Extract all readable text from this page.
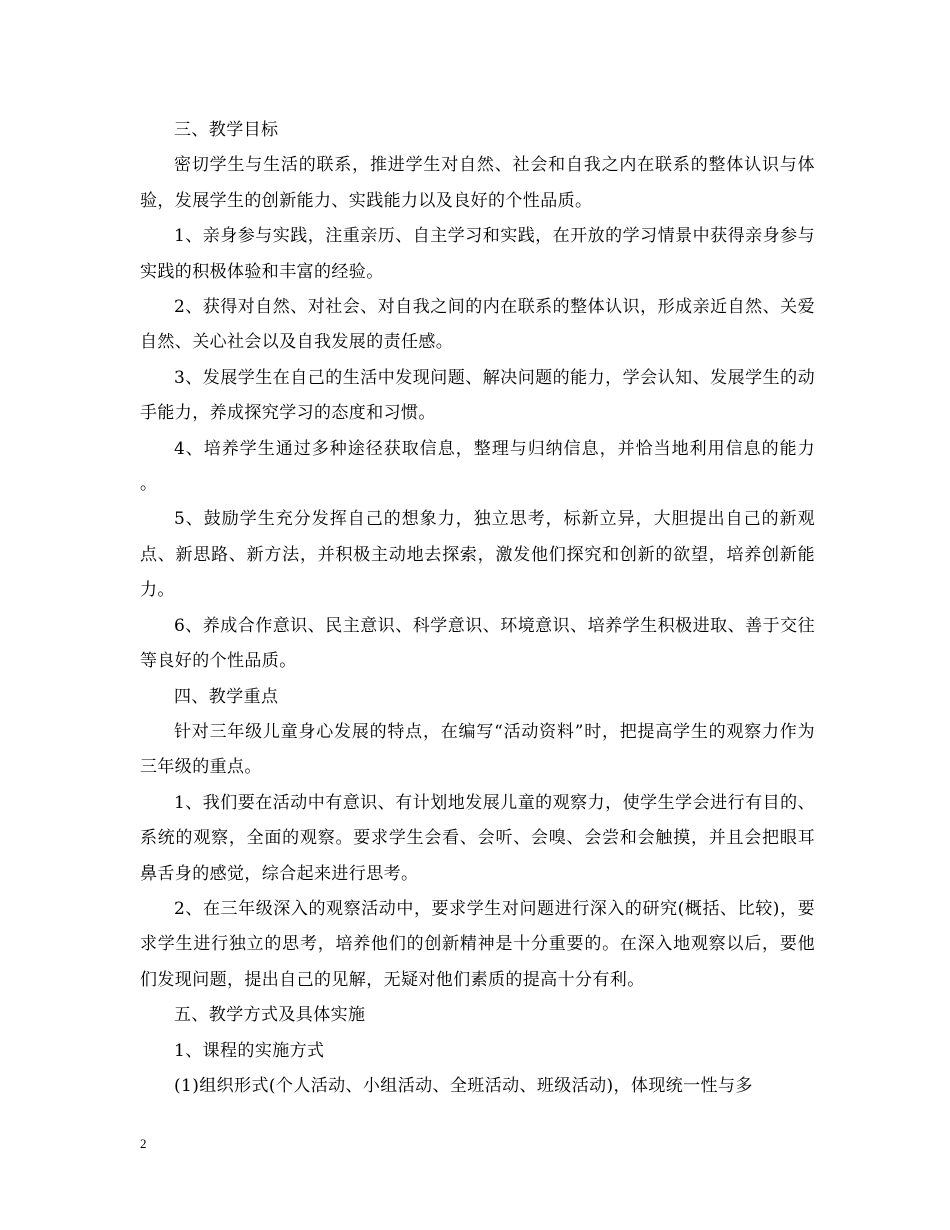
三、教学目标

密切学生与生活的联系，推进学生对自然、社会和自我之内在联系的整体认识与体验，发展学生的创新能力、实践能力以及良好的个性品质。

1、亲身参与实践，注重亲历、自主学习和实践，在开放的学习情景中获得亲身参与实践的积极体验和丰富的经验。

2、获得对自然、对社会、对自我之间的内在联系的整体认识，形成亲近自然、关爱自然、关心社会以及自我发展的责任感。

3、发展学生在自己的生活中发现问题、解决问题的能力，学会认知、发展学生的动手能力，养成探究学习的态度和习惯。

4、培养学生通过多种途径获取信息，整理与归纳信息，并恰当地利用信息的能力 。

5、鼓励学生充分发挥自己的想象力，独立思考，标新立异，大胆提出自己的新观点、新思路、新方法，并积极主动地去探索，激发他们探究和创新的欲望，培养创新能力。

6、养成合作意识、民主意识、科学意识、环境意识、培养学生积极进取、善于交往等良好的个性品质。

四、教学重点

针对三年级儿童身心发展的特点，在编写“活动资料”时，把提高学生的观察力作为三年级的重点。

1、我们要在活动中有意识、有计划地发展儿童的观察力，使学生学会进行有目的、系统的观察，全面的观察。要求学生会看、会听、会嗅、会尝和会触摸，并且会把眼耳鼻舌身的感觉，综合起来进行思考。

2、在三年级深入的观察活动中，要求学生对问题进行深入的研究(概括、比较)，要求学生进行独立的思考，培养他们的创新精神是十分重要的。在深入地观察以后，要他们发现问题，提出自己的见解，无疑对他们素质的提高十分有利。

五、教学方式及具体实施

1、课程的实施方式

(1)组织形式(个人活动、小组活动、全班活动、班级活动)，体现统一性与多

2
